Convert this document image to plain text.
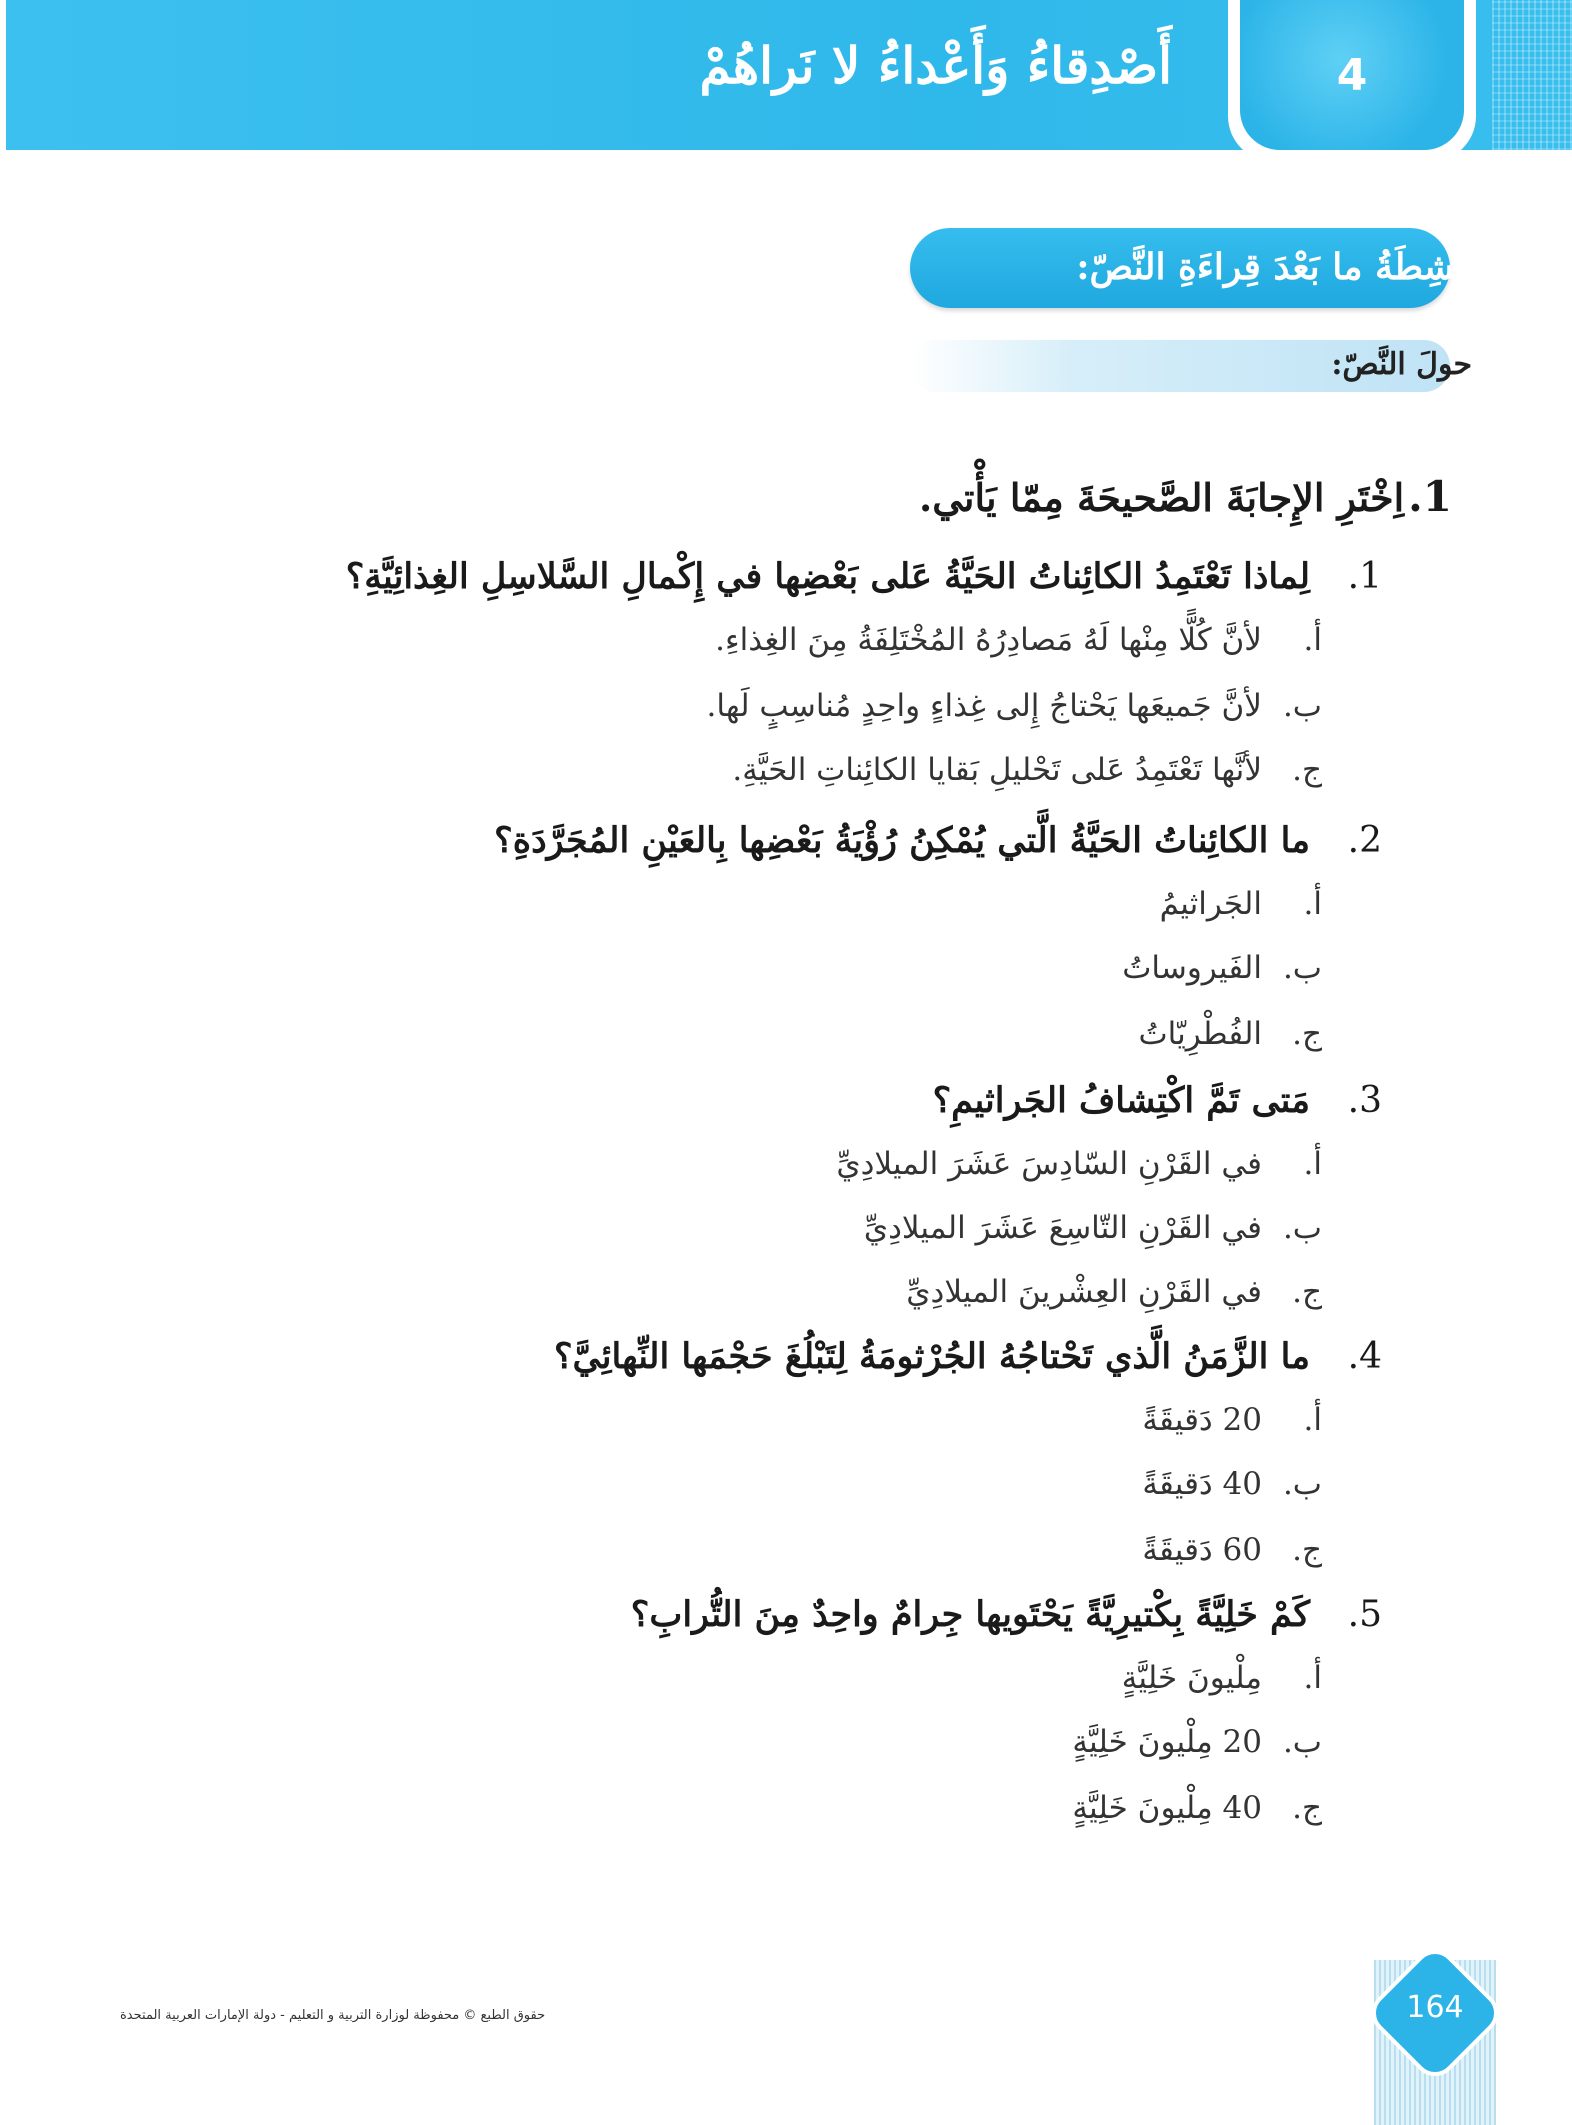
4
أَصْدِقاءُ وَأَعْداءُ لا نَراهُمْ
أَنْشِطَةُ ما بَعْدَ قِراءَةِ النَّصّ:
حولَ النَّصّ:
1.
اِخْتَرِ الإِجابَةَ الصَّحيحَةَ مِمّا يَأْتي.
1.
لِماذا تَعْتَمِدُ الكائِناتُ الحَيَّةُ عَلى بَعْضِها في إِكْمالِ السَّلاسِلِ الغِذائِيَّةِ؟
أ.
لأنَّ كُلًّا مِنْها لَهُ مَصادِرُهُ المُخْتَلِفَةُ مِنَ الغِذاءِ.
ب.
لأنَّ جَميعَها يَحْتاجُ إِلى غِذاءٍ واحِدٍ مُناسِبٍ لَها.
ج.
لأنَّها تَعْتَمِدُ عَلى تَحْليلِ بَقايا الكائِناتِ الحَيَّةِ.
2.
ما الكائِناتُ الحَيَّةُ الَّتي يُمْكِنُ رُؤْيَةُ بَعْضِها بِالعَيْنِ المُجَرَّدَةِ؟
أ.
الجَراثيمُ
ب.
الفَيروساتُ
ج.
الفُطْرِيّاتُ
3.
مَتى تَمَّ اكْتِشافُ الجَراثيمِ؟
أ.
في القَرْنِ السّادِسَ عَشَرَ الميلادِيِّ
ب.
في القَرْنِ التّاسِعَ عَشَرَ الميلادِيِّ
ج.
في القَرْنِ العِشْرينَ الميلادِيِّ
4.
ما الزَّمَنُ الَّذي تَحْتاجُهُ الجُرْثومَةُ لِتَبْلُغَ حَجْمَها النِّهائِيَّ؟
أ.
20 دَقيقَةً
ب.
40 دَقيقَةً
ج.
60 دَقيقَةً
5.
كَمْ خَلِيَّةً بِكْتيرِيَّةً يَحْتَويها جِرامٌ واحِدٌ مِنَ التُّرابِ؟
أ.
مِلْيونَ خَلِيَّةٍ
ب.
20 مِلْيونَ خَلِيَّةٍ
ج.
40 مِلْيونَ خَلِيَّةٍ
حقوق الطبع © محفوظة لوزارة التربية و التعليم - دولة الإمارات العربية المتحدة	164
